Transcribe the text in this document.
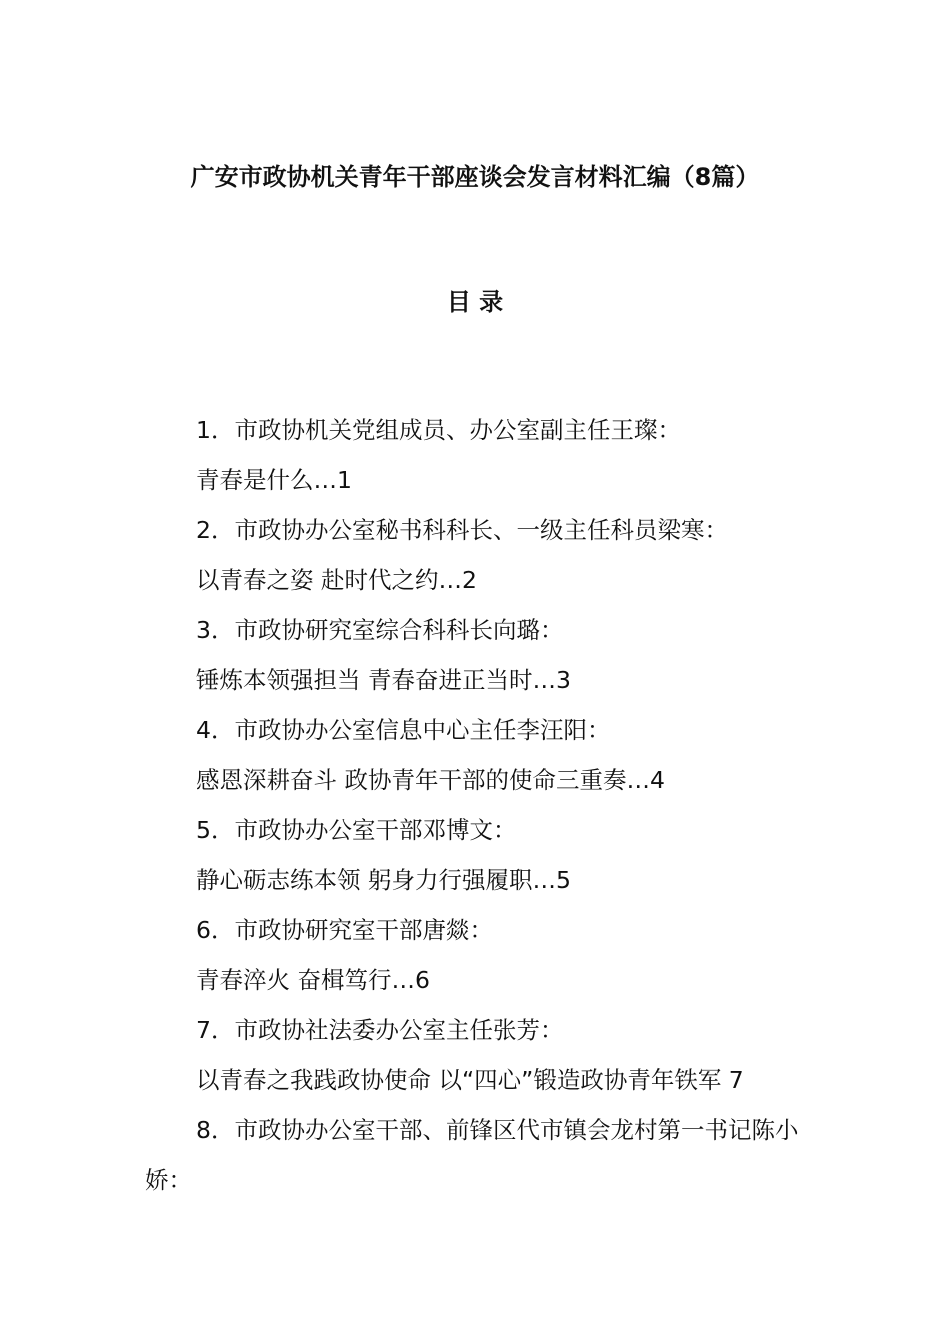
广安市政协机关青年干部座谈会发言材料汇编（8篇）
目 录
1．市政协机关党组成员、办公室副主任王璨：
青春是什么…1
2．市政协办公室秘书科科长、一级主任科员梁寒：
以青春之姿 赴时代之约…2
3．市政协研究室综合科科长向璐：
锤炼本领强担当 青春奋进正当时…3
4．市政协办公室信息中心主任李汪阳：
感恩深耕奋斗 政协青年干部的使命三重奏…4
5．市政协办公室干部邓博文：
静心砺志练本领 躬身力行强履职…5
6．市政协研究室干部唐燚：
青春淬火 奋楫笃行…6
7．市政协社法委办公室主任张芳：
以青春之我践政协使命 以“四心”锻造政协青年铁军 7
8．市政协办公室干部、前锋区代市镇会龙村第一书记陈小娇：
